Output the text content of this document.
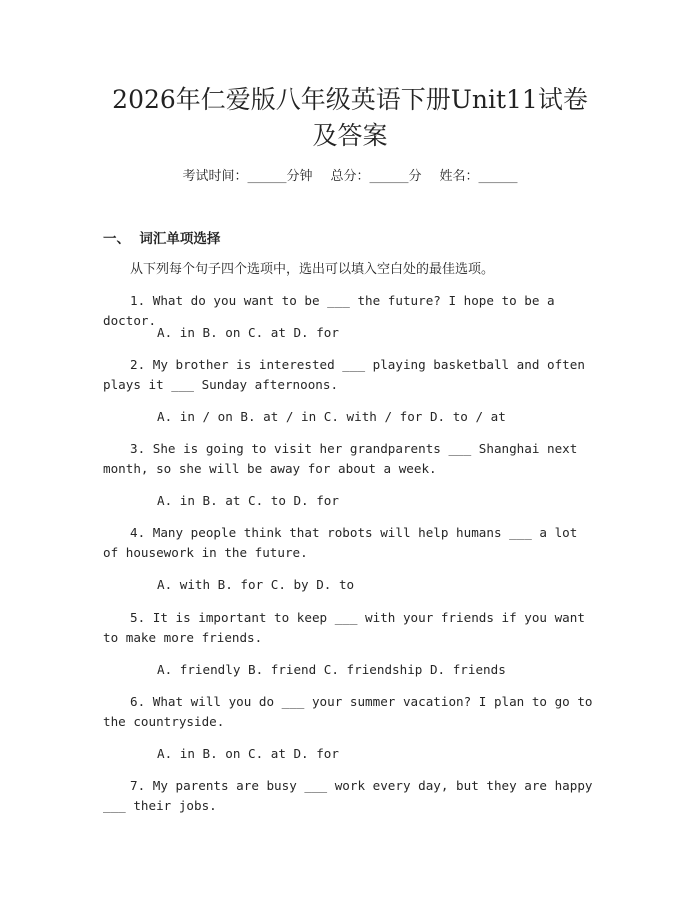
2026年仁爱版八年级英语下册Unit11试卷
及答案
考试时间：______分钟 总分：______分 姓名：______
一、  词汇单项选择
从下列每个句子四个选项中，选出可以填入空白处的最佳选项。
1. What do you want to be ___ the future? I hope to be a doctor.
A. in B. on C. at D. for
2. My brother is interested ___ playing basketball and often plays it ___ Sunday afternoons.
A. in / on B. at / in C. with / for D. to / at
3. She is going to visit her grandparents ___ Shanghai next month, so she will be away for about a week.
A. in B. at C. to D. for
4. Many people think that robots will help humans ___ a lot of housework in the future.
A. with B. for C. by D. to
5. It is important to keep ___ with your friends if you want to make more friends.
A. friendly B. friend C. friendship D. friends
6. What will you do ___ your summer vacation? I plan to go to the countryside.
A. in B. on C. at D. for
7. My parents are busy ___ work every day, but they are happy ___ their jobs.
